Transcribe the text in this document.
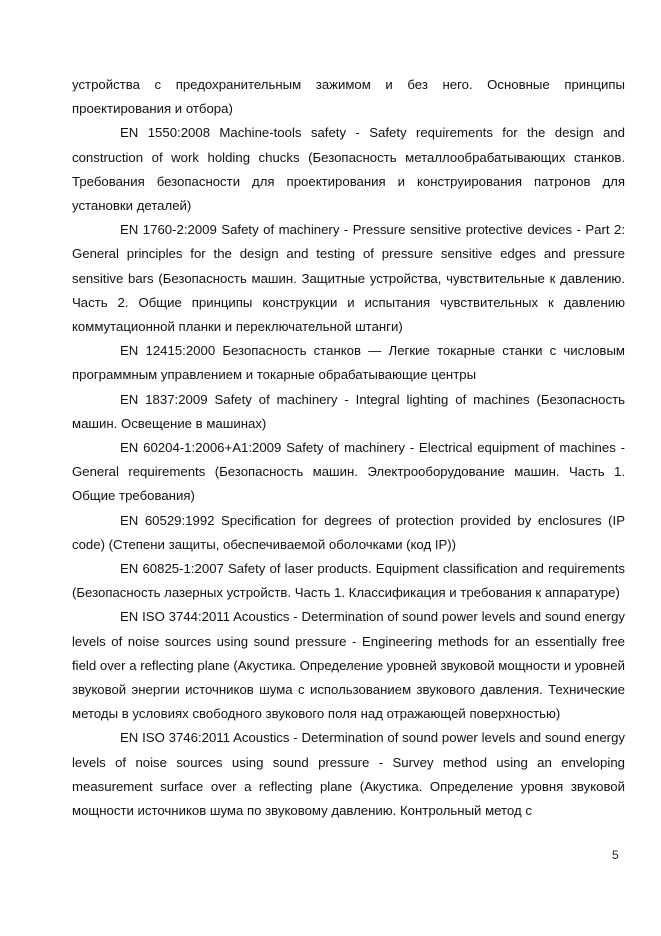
устройства с предохранительным зажимом и без него. Основные принципы проектирования и отбора)

EN 1550:2008 Machine-tools safety - Safety requirements for the design and construction of work holding chucks (Безопасность металлообрабатывающих станков. Требования безопасности для проектирования и конструирования патронов для установки деталей)

EN 1760-2:2009 Safety of machinery - Pressure sensitive protective devices - Part 2: General principles for the design and testing of pressure sensitive edges and pressure sensitive bars (Безопасность машин. Защитные устройства, чувствительные к давлению. Часть 2. Общие принципы конструкции и испытания чувствительных к давлению коммутационной планки и переключательной штанги)

EN 12415:2000 Безопасность станков — Легкие токарные станки с числовым программным управлением и токарные обрабатывающие центры

EN 1837:2009 Safety of machinery - Integral lighting of machines (Безопасность машин. Освещение в машинах)

EN 60204-1:2006+A1:2009 Safety of machinery - Electrical equipment of machines - General requirements (Безопасность машин. Электрооборудование машин. Часть 1. Общие требования)

EN 60529:1992 Specification for degrees of protection provided by enclosures (IP code) (Степени защиты, обеспечиваемой оболочками (код IP))

EN 60825-1:2007 Safety of laser products. Equipment classification and requirements (Безопасность лазерных устройств. Часть 1. Классификация и требования к аппаратуре)

EN ISO 3744:2011 Acoustics - Determination of sound power levels and sound energy levels of noise sources using sound pressure - Engineering methods for an essentially free field over a reflecting plane (Акустика. Определение уровней звуковой мощности и уровней звуковой энергии источников шума с использованием звукового давления. Технические методы в условиях свободного звукового поля над отражающей поверхностью)

EN ISO 3746:2011 Acoustics - Determination of sound power levels and sound energy levels of noise sources using sound pressure - Survey method using an enveloping measurement surface over a reflecting plane (Акустика. Определение уровня звуковой мощности источников шума по звуковому давлению. Контрольный метод с

5
